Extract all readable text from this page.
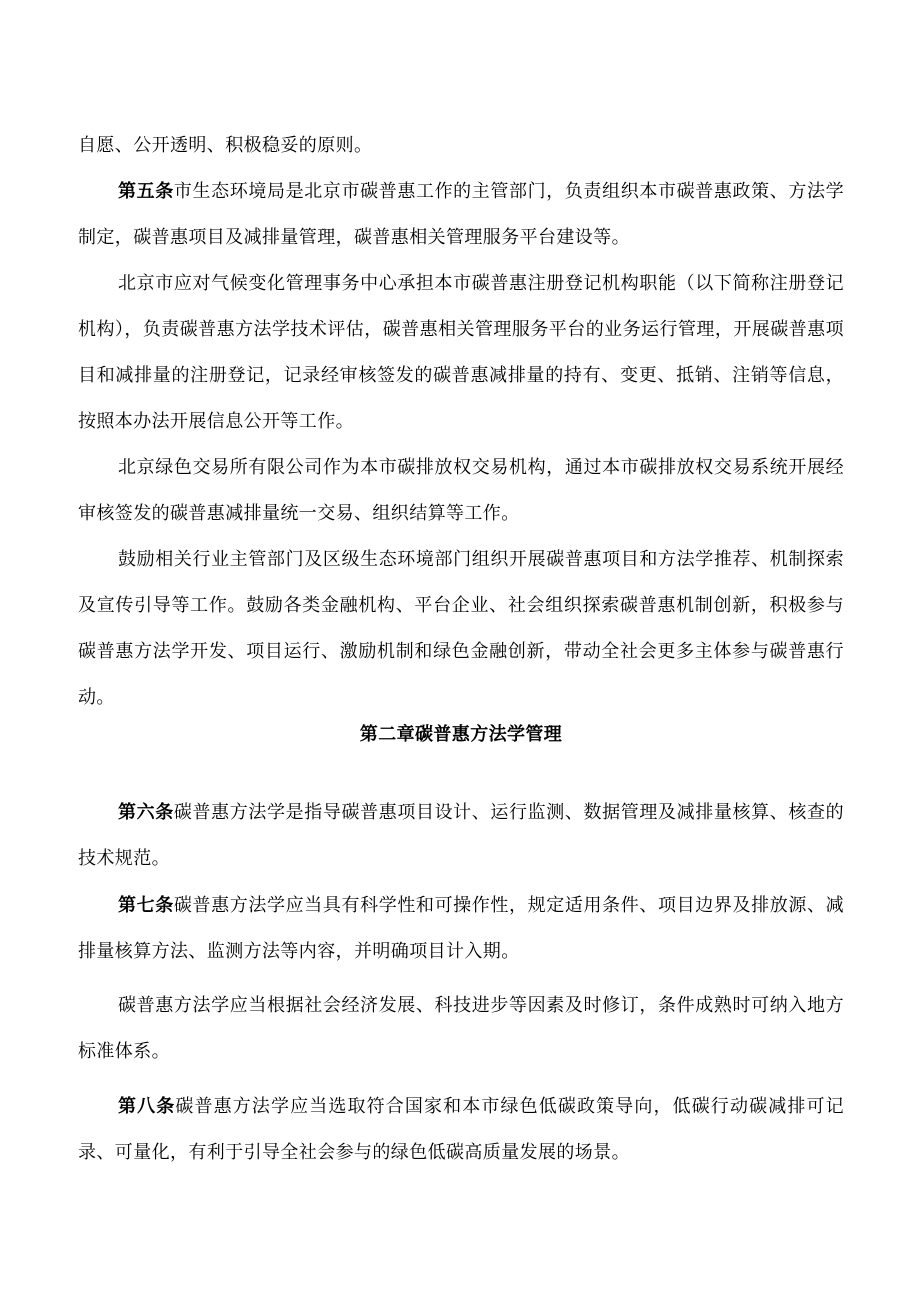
自愿、公开透明、积极稳妥的原则。

第五条市生态环境局是北京市碳普惠工作的主管部门，负责组织本市碳普惠政策、方法学制定，碳普惠项目及减排量管理，碳普惠相关管理服务平台建设等。

北京市应对气候变化管理事务中心承担本市碳普惠注册登记机构职能（以下简称注册登记机构），负责碳普惠方法学技术评估，碳普惠相关管理服务平台的业务运行管理，开展碳普惠项目和减排量的注册登记，记录经审核签发的碳普惠减排量的持有、变更、抵销、注销等信息，按照本办法开展信息公开等工作。

北京绿色交易所有限公司作为本市碳排放权交易机构，通过本市碳排放权交易系统开展经审核签发的碳普惠减排量统一交易、组织结算等工作。

鼓励相关行业主管部门及区级生态环境部门组织开展碳普惠项目和方法学推荐、机制探索及宣传引导等工作。鼓励各类金融机构、平台企业、社会组织探索碳普惠机制创新，积极参与碳普惠方法学开发、项目运行、激励机制和绿色金融创新，带动全社会更多主体参与碳普惠行动。

第二章碳普惠方法学管理

第六条碳普惠方法学是指导碳普惠项目设计、运行监测、数据管理及减排量核算、核查的技术规范。

第七条碳普惠方法学应当具有科学性和可操作性，规定适用条件、项目边界及排放源、减排量核算方法、监测方法等内容，并明确项目计入期。

碳普惠方法学应当根据社会经济发展、科技进步等因素及时修订，条件成熟时可纳入地方标准体系。

第八条碳普惠方法学应当选取符合国家和本市绿色低碳政策导向，低碳行动碳减排可记录、可量化，有利于引导全社会参与的绿色低碳高质量发展的场景。
